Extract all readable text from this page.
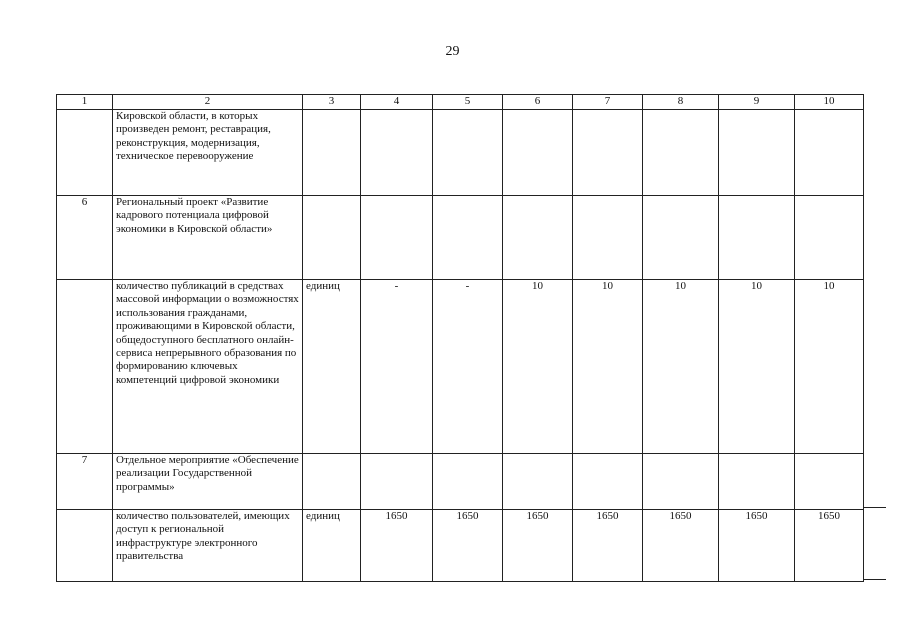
29
1	2	3	4	5	6	7	8	9	10
	Кировской области, в которых произведен ремонт, реставрация, реконструкция, модернизация, техническое перевооружение								
6	Региональный проект «Развитие кадрового потенциала цифровой экономики в Кировской области»								
	количество публикаций в средствах массовой информации о возможностях использования гражданами, проживающими в Кировской области, общедоступного бесплатного онлайн-сервиса непрерывного образования по формированию ключевых компетенций цифровой экономики	единиц	-	-	10	10	10	10	10
7	Отдельное мероприятие «Обеспечение реализации Государственной программы»								
	количество пользователей, имеющих доступ к региональной инфраструктуре электронного правительства	единиц	1650	1650	1650	1650	1650	1650	1650
